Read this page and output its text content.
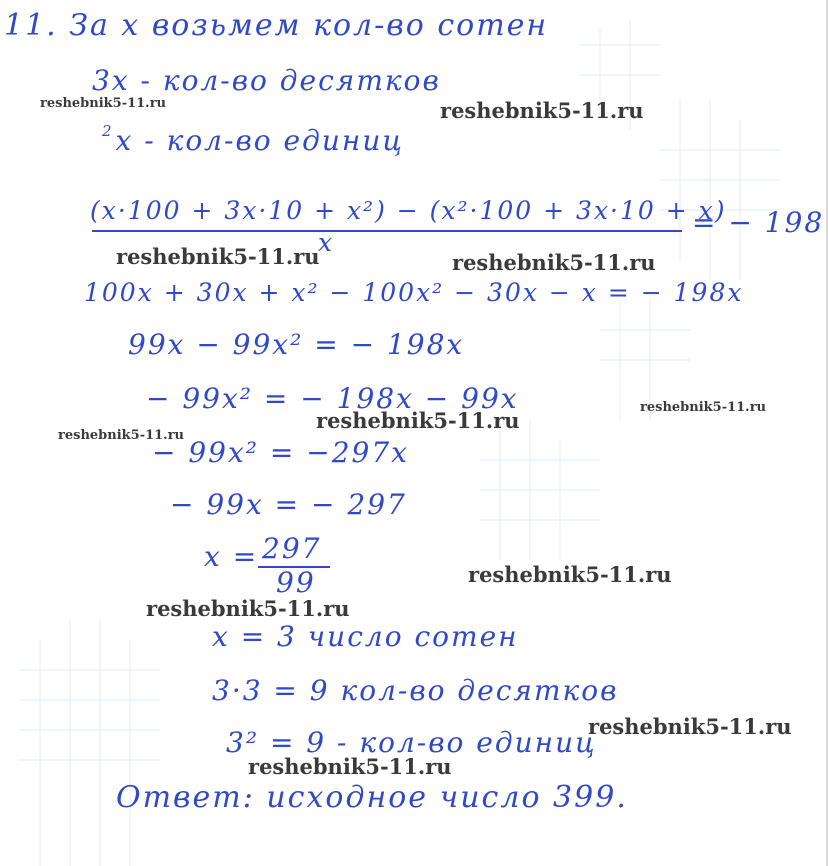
11. За x возьмем кол-во сотен
3x - кол-во десятков
$^2$x - кол-во единиц
(x·100 + 3x·10 + x²) − (x²·100 + 3x·10 + x)
= − 198
x
100x + 30x + x² − 100x² − 30x − x = − 198x
99x − 99x² = − 198x
− 99x² = − 198x − 99x
− 99x² = −297x
− 99x = − 297
x = 297
99
x = 3 число сотен
3·3 = 9 кол-во десятков
3² = 9 - кол-во единиц
Ответ: исходное число 399.
reshebnik5-11.ru	reshebnik5-11.ru
reshebnik5-11.ru	reshebnik5-11.ru
reshebnik5-11.ru
reshebnik5-11.ru
reshebnik5-11.ru
reshebnik5-11.ru
reshebnik5-11.ru
reshebnik5-11.ru
reshebnik5-11.ru
